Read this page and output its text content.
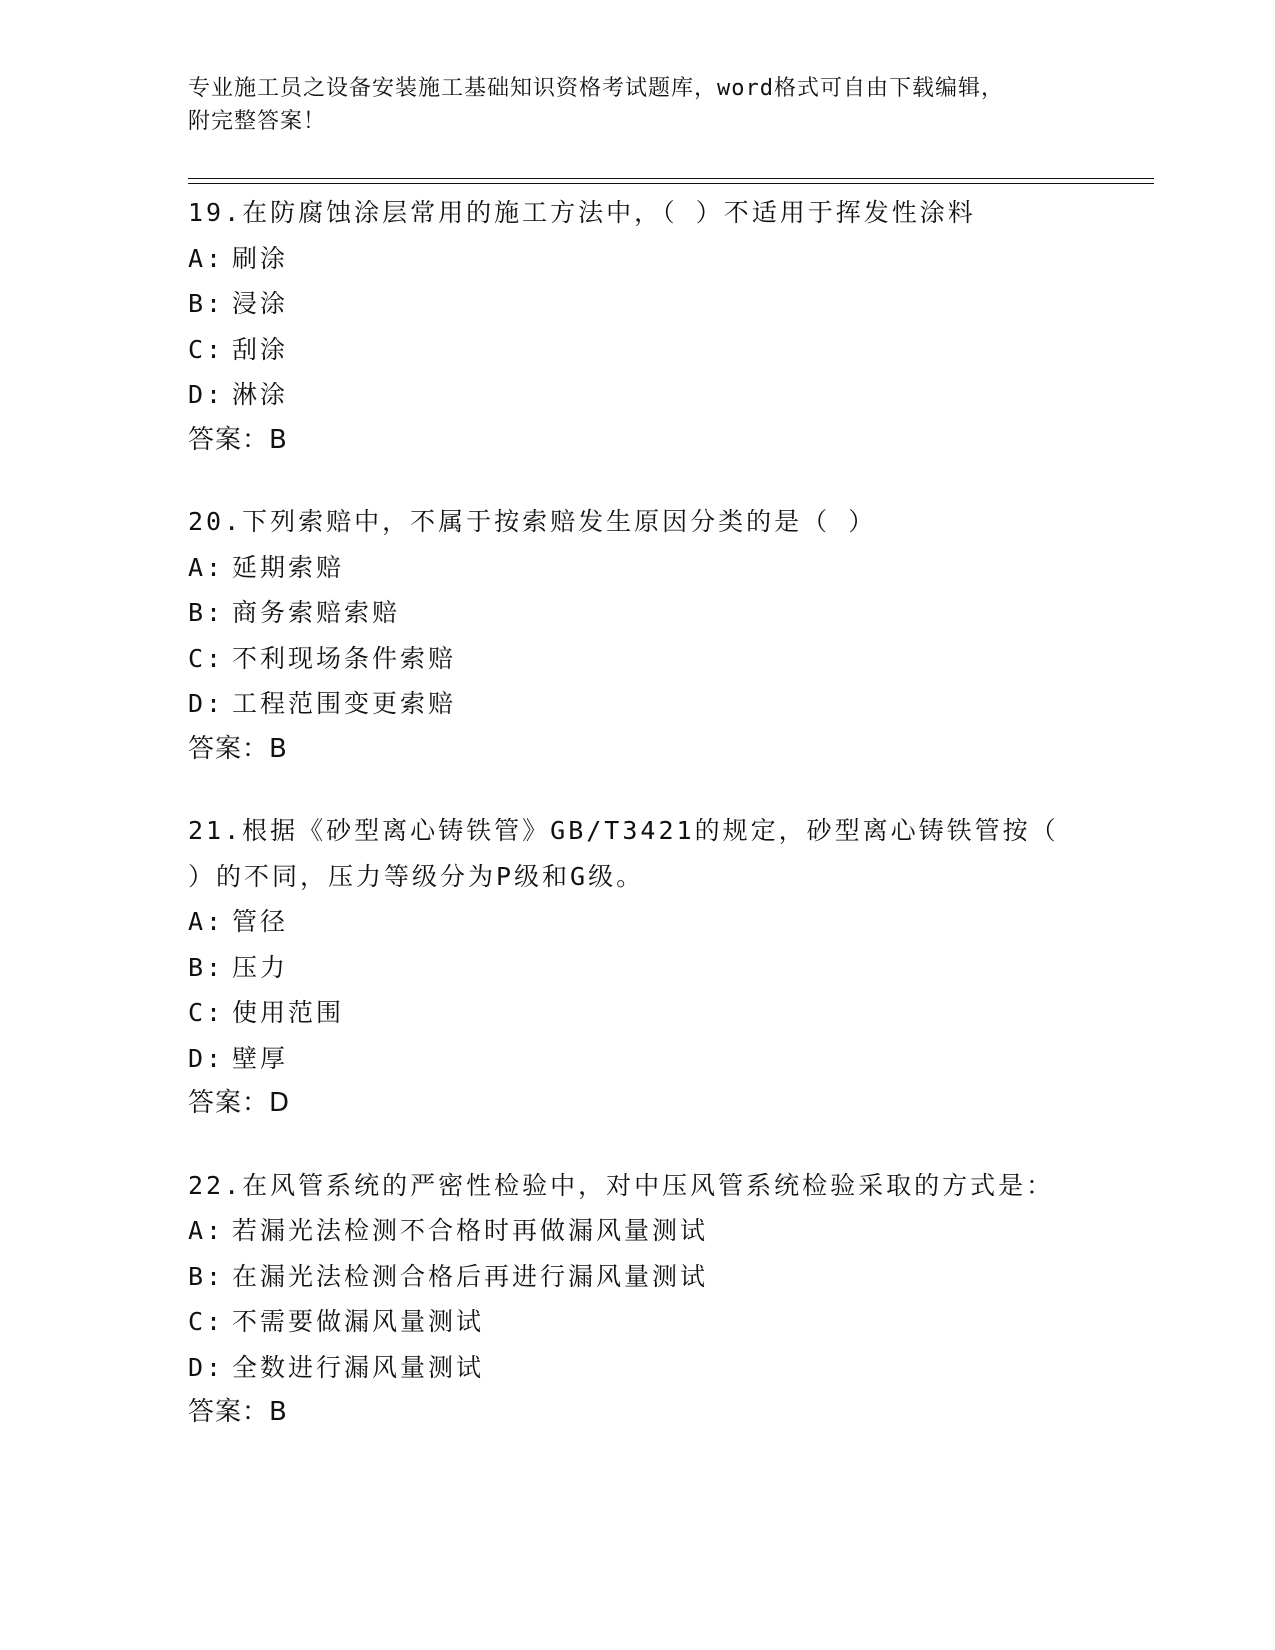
专业施工员之设备安装施工基础知识资格考试题库，word格式可自由下载编辑，
附完整答案！
19.在防腐蚀涂层常用的施工方法中，（ ）不适用于挥发性涂料
A: 刷涂
B: 浸涂
C: 刮涂
D: 淋涂
答案：B
20.下列索赔中，不属于按索赔发生原因分类的是（ ）
A: 延期索赔
B: 商务索赔索赔
C: 不利现场条件索赔
D: 工程范围变更索赔
答案：B
21.根据《砂型离心铸铁管》GB/T3421的规定，砂型离心铸铁管按（
）的不同，压力等级分为P级和G级。
A: 管径
B: 压力
C: 使用范围
D: 壁厚
答案：D
22.在风管系统的严密性检验中，对中压风管系统检验采取的方式是：
A: 若漏光法检测不合格时再做漏风量测试
B: 在漏光法检测合格后再进行漏风量测试
C: 不需要做漏风量测试
D: 全数进行漏风量测试
答案：B
